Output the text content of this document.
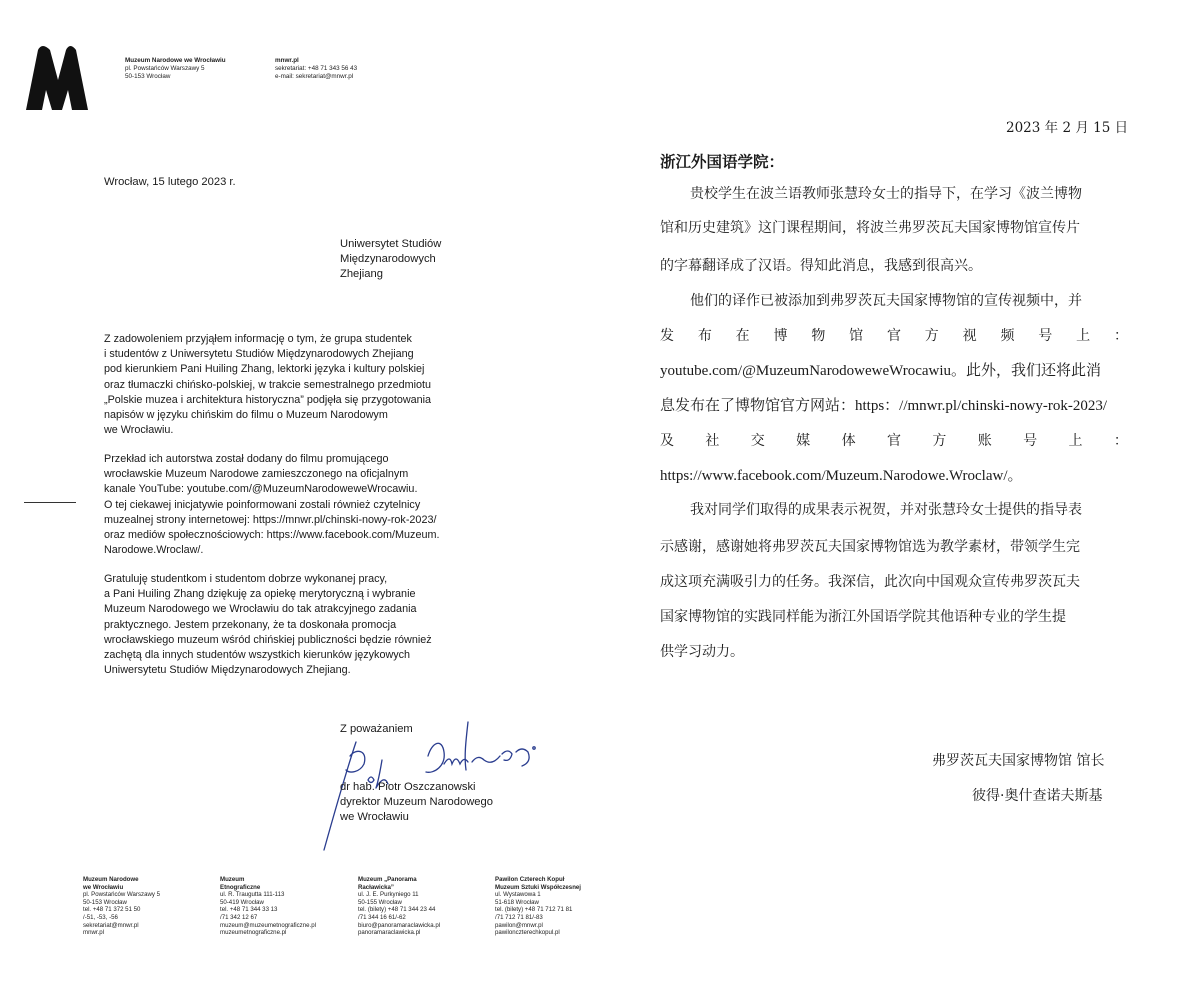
Muzeum Narodowe we Wrocławiu
pl. Powstańców Warszawy 5
50-153 Wrocław
mnwr.pl
sekretariat: +48 71 343 56 43
e-mail: sekretariat@mnwr.pl
Wrocław, 15 lutego 2023 r.
Uniwersytet Studiów
Międzynarodowych
Zhejiang

Z zadowoleniem przyjąłem informację o tym, że grupa studentek
i studentów z Uniwersytetu Studiów Międzynarodowych Zhejiang
pod kierunkiem Pani Huiling Zhang, lektorki języka i kultury polskiej
oraz tłumaczki chińsko-polskiej, w trakcie semestralnego przedmiotu
„Polskie muzea i architektura historyczna” podjęła się przygotowania
napisów w języku chińskim do filmu o Muzeum Narodowym
we Wrocławiu.

Przekład ich autorstwa został dodany do filmu promującego
wrocławskie Muzeum Narodowe zamieszczonego na oficjalnym
kanale YouTube: youtube.com/@MuzeumNarodoweweWrocawiu.
O tej ciekawej inicjatywie poinformowani zostali również czytelnicy
muzealnej strony internetowej: https://mnwr.pl/chinski-nowy-rok-2023/
oraz mediów społecznościowych: https://www.facebook.com/Muzeum.
Narodowe.Wroclaw/.

Gratuluję studentkom i studentom dobrze wykonanej pracy,
a Pani Huiling Zhang dziękuję za opiekę merytoryczną i wybranie
Muzeum Narodowego we Wrocławiu do tak atrakcyjnego zadania
praktycznego. Jestem przekonany, że ta doskonała promocja
wrocławskiego muzeum wśród chińskiej publiczności będzie również
zachętą dla innych studentów wszystkich kierunków językowych
Uniwersytetu Studiów Międzynarodowych Zhejiang.

Z poważaniem
dr hab. Piotr Oszczanowski
dyrektor Muzeum Narodowego
we Wrocławiu
Muzeum Narodowe
we Wrocławiu
pl. Powstańców Warszawy 5
50-153 Wrocław
tel. +48 71 372 51 50
/-51, -53, -56
sekretariat@mnwr.pl
mnwr.pl
Muzeum
Etnograficzne
ul. R. Traugutta 111-113
50-419 Wrocław
tel. +48 71 344 33 13
/71 342 12 67
muzeum@muzeumetnograficzne.pl
muzeumetnograficzne.pl
Muzeum „Panorama
Racławicka”
ul. J. E. Purkyniego 11
50-155 Wrocław
tel. (bilety) +48 71 344 23 44
/71 344 16 61/-62
biuro@panoramaraclawicka.pl
panoramaraclawicka.pl
Pawilon Czterech Kopuł
Muzeum Sztuki Współczesnej
ul. Wystawowa 1
51-618 Wrocław
tel. (bilety) +48 71 712 71 81
/71 712 71 81/-83
pawilon@mnwr.pl
pawilonczterechkopul.pl
2023 年 2 月 15 日
浙江外国语学院：
贵校学生在波兰语教师张慧玲女士的指导下，在学习《波兰博物
馆和历史建筑》这门课程期间，将波兰弗罗茨瓦夫国家博物馆宣传片
的字幕翻译成了汉语。得知此消息，我感到很高兴。
他们的译作已被添加到弗罗茨瓦夫国家博物馆的宣传视频中，并
发 布 在 博 物 馆 官 方 视 频 号 上 ：
youtube.com/@MuzeumNarodoweweWrocawiu。此外，我们还将此消
息发布在了博物馆官方网站：https：//mnwr.pl/chinski-nowy-rok-2023/
及 社 交 媒 体 官 方 账 号 上 ：
https://www.facebook.com/Muzeum.Narodowe.Wroclaw/。
我对同学们取得的成果表示祝贺，并对张慧玲女士提供的指导表
示感谢，感谢她将弗罗茨瓦夫国家博物馆选为教学素材，带领学生完
成这项充满吸引力的任务。我深信，此次向中国观众宣传弗罗茨瓦夫
国家博物馆的实践同样能为浙江外国语学院其他语种专业的学生提
供学习动力。
弗罗茨瓦夫国家博物馆 馆长
彼得·奥什查诺夫斯基
